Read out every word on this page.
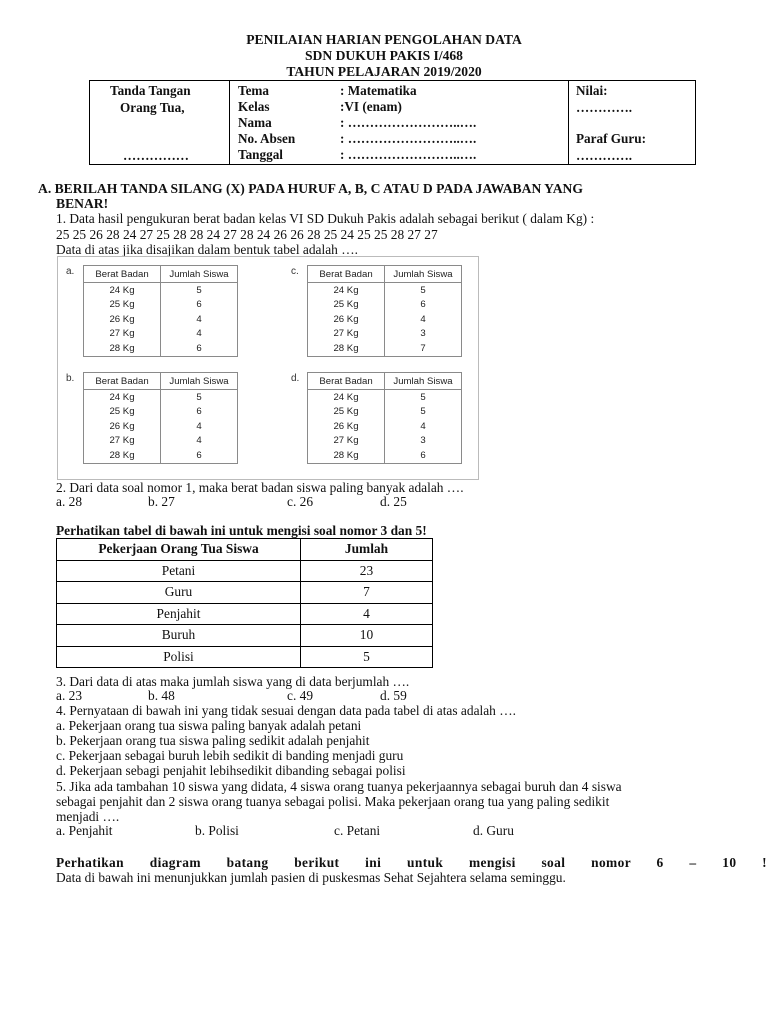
PENILAIAN HARIAN PENGOLAHAN DATA
SDN DUKUH PAKIS I/468
TAHUN PELAJARAN 2019/2020
Tanda Tangan
Orang Tua,
……………
Tema	: Matematika
Kelas	:VI (enam)
Nama	: ……………………..….
No. Absen	: ……………………..….
Tanggal	: ……………………..….
Nilai:
………….
Paraf Guru:
………….
A. BERILAH TANDA SILANG (X) PADA HURUF A, B, C ATAU D PADA JAWABAN YANG
BENAR!
1. Data hasil pengukuran berat badan kelas VI SD Dukuh Pakis adalah sebagai berikut ( dalam Kg) :
25 25 26 28 24 27 25 28 28 24 27 28 24 26 26 28 25 24 25 25 28 27 27
Data di atas jika disajikan dalam bentuk tabel adalah ….
a. Berat Badan	Jumlah Siswa
24 Kg	5
25 Kg	6
26 Kg	4
27 Kg	4
28 Kg	6
c. Berat Badan	Jumlah Siswa
24 Kg	5
25 Kg	6
26 Kg	4
27 Kg	3
28 Kg	7
b. Berat Badan	Jumlah Siswa
24 Kg	5
25 Kg	6
26 Kg	4
27 Kg	4
28 Kg	6
d. Berat Badan	Jumlah Siswa
24 Kg	5
25 Kg	5
26 Kg	4
27 Kg	3
28 Kg	6
2. Dari data soal nomor 1, maka berat badan siswa paling banyak adalah ….
a. 28	b. 27	c. 26	d. 25
Perhatikan tabel di bawah ini untuk mengisi soal nomor 3 dan 5!
Pekerjaan Orang Tua Siswa	Jumlah
Petani	23
Guru	7
Penjahit	4
Buruh	10
Polisi	5
3. Dari data di atas maka jumlah siswa yang di data berjumlah ….
a. 23	b. 48	c. 49	d. 59
4. Pernyataan di bawah ini yang tidak sesuai dengan data pada tabel di atas adalah ….
a. Pekerjaan orang tua siswa paling banyak adalah petani
b. Pekerjaan orang tua siswa paling sedikit adalah penjahit
c. Pekerjaan sebagai buruh lebih sedikit di banding menjadi guru
d. Pekerjaan sebagi penjahit lebihsedikit dibanding sebagai polisi
5. Jika ada tambahan 10 siswa yang didata, 4 siswa orang tuanya pekerjaannya sebagai buruh dan 4 siswa
sebagai penjahit dan 2 siswa orang tuanya sebagai polisi. Maka pekerjaan orang tua yang paling sedikit
menjadi ….
a. Penjahit	b. Polisi	c. Petani	d. Guru
Perhatikan diagram batang berikut ini untuk mengisi soal nomor 6 – 10 !
Data di bawah ini menunjukkan jumlah pasien di puskesmas Sehat Sejahtera selama seminggu.
